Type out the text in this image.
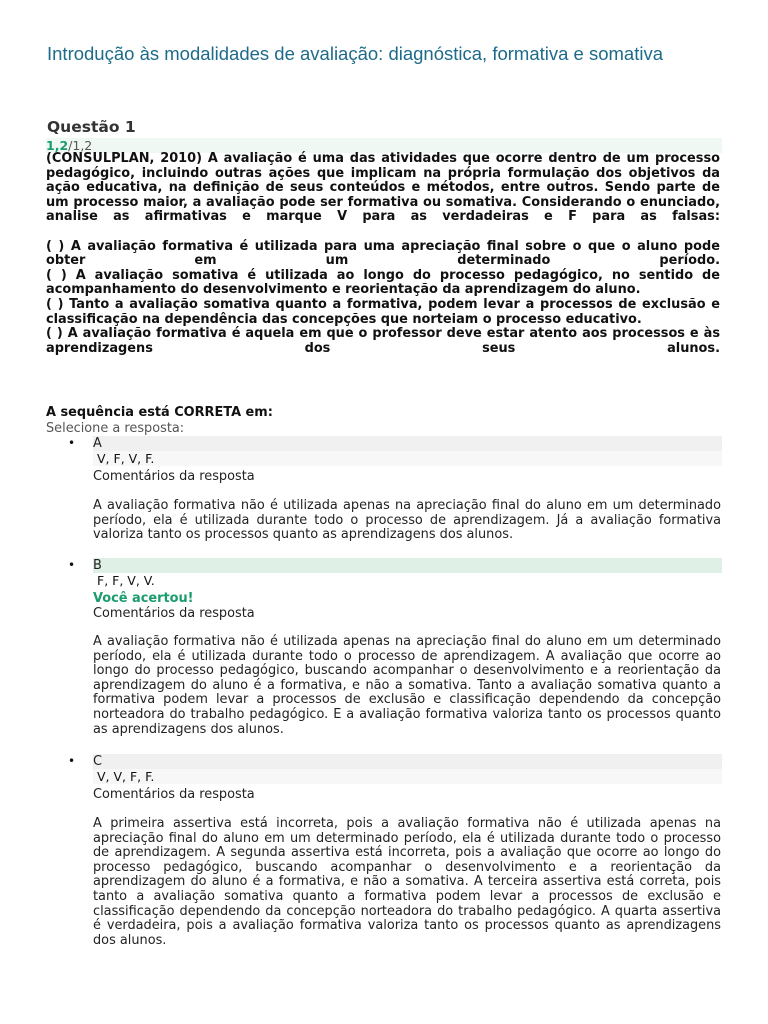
Introdução às modalidades de avaliação: diagnóstica, formativa e somativa
Questão 1
1,2/1,2

(CONSULPLAN, 2010) A avaliação é uma das atividades que ocorre dentro de um processo pedagógico, incluindo outras ações que implicam na própria formulação dos objetivos da ação educativa, na definição de seus conteúdos e métodos, entre outros. Sendo parte de um processo maior, a avaliação pode ser formativa ou somativa. Considerando o enunciado, analise as afirmativas e marque V para as verdadeiras e F para as falsas:

( ) A avaliação formativa é utilizada para uma apreciação final sobre o que o aluno pode obter em um determinado período.

( ) A avaliação somativa é utilizada ao longo do processo pedagógico, no sentido de acompanhamento do desenvolvimento e reorientação da aprendizagem do aluno.

( ) Tanto a avaliação somativa quanto a formativa, podem levar a processos de exclusão e classificação na dependência das concepções que norteiam o processo educativo.

( ) A avaliação formativa é aquela em que o professor deve estar atento aos processos e às aprendizagens dos seus alunos.

A sequência está CORRETA em:
Selecione a resposta:
• A
V, F, V, F.
Comentários da resposta
A avaliação formativa não é utilizada apenas na apreciação final do aluno em um determinado período, ela é utilizada durante todo o processo de aprendizagem. Já a avaliação formativa valoriza tanto os processos quanto as aprendizagens dos alunos.
• B
F, F, V, V.
Você acertou!
Comentários da resposta
A avaliação formativa não é utilizada apenas na apreciação final do aluno em um determinado período, ela é utilizada durante todo o processo de aprendizagem. A avaliação que ocorre ao longo do processo pedagógico, buscando acompanhar o desenvolvimento e a reorientação da aprendizagem do aluno é a formativa, e não a somativa. Tanto a avaliação somativa quanto a formativa podem levar a processos de exclusão e classificação dependendo da concepção norteadora do trabalho pedagógico. E a avaliação formativa valoriza tanto os processos quanto as aprendizagens dos alunos.
• C
V, V, F, F.
Comentários da resposta
A primeira assertiva está incorreta, pois a avaliação formativa não é utilizada apenas na apreciação final do aluno em um determinado período, ela é utilizada durante todo o processo de aprendizagem. A segunda assertiva está incorreta, pois a avaliação que ocorre ao longo do processo pedagógico, buscando acompanhar o desenvolvimento e a reorientação da aprendizagem do aluno é a formativa, e não a somativa. A terceira assertiva está correta, pois tanto a avaliação somativa quanto a formativa podem levar a processos de exclusão e classificação dependendo da concepção norteadora do trabalho pedagógico. A quarta assertiva é verdadeira, pois a avaliação formativa valoriza tanto os processos quanto as aprendizagens dos alunos.
